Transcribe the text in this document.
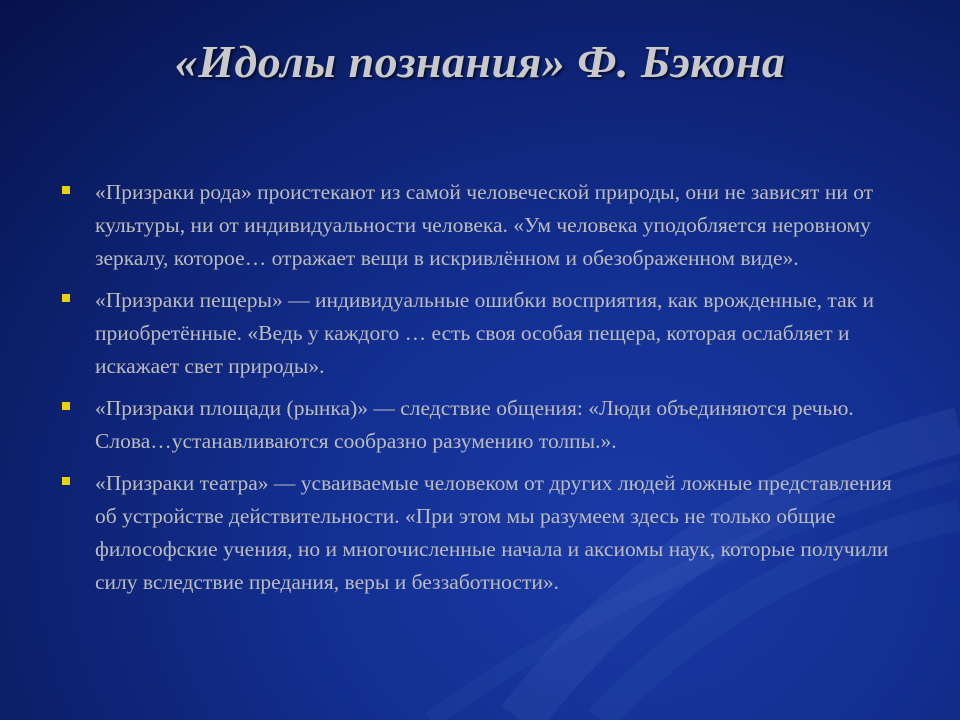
«Идолы познания» Ф. Бэкона
«Призраки рода» проистекают из самой человеческой природы, они не зависят ни от культуры, ни от индивидуальности человека. «Ум человека уподобляется неровному зеркалу, которое… отражает вещи в искривлённом и обезображенном виде».
«Призраки пещеры» — индивидуальные ошибки восприятия, как врожденные, так и приобретённые. «Ведь у каждого … есть своя особая пещера, которая ослабляет и искажает свет природы».
«Призраки площади (рынка)» — следствие общения: «Люди объединяются речью. Слова…устанавливаются сообразно разумению толпы.».
«Призраки театра» — усваиваемые человеком от других людей ложные представления об устройстве действительности. «При этом мы разумеем здесь не только общие философские учения, но и многочисленные начала и аксиомы наук, которые получили силу вследствие предания, веры и беззаботности».
